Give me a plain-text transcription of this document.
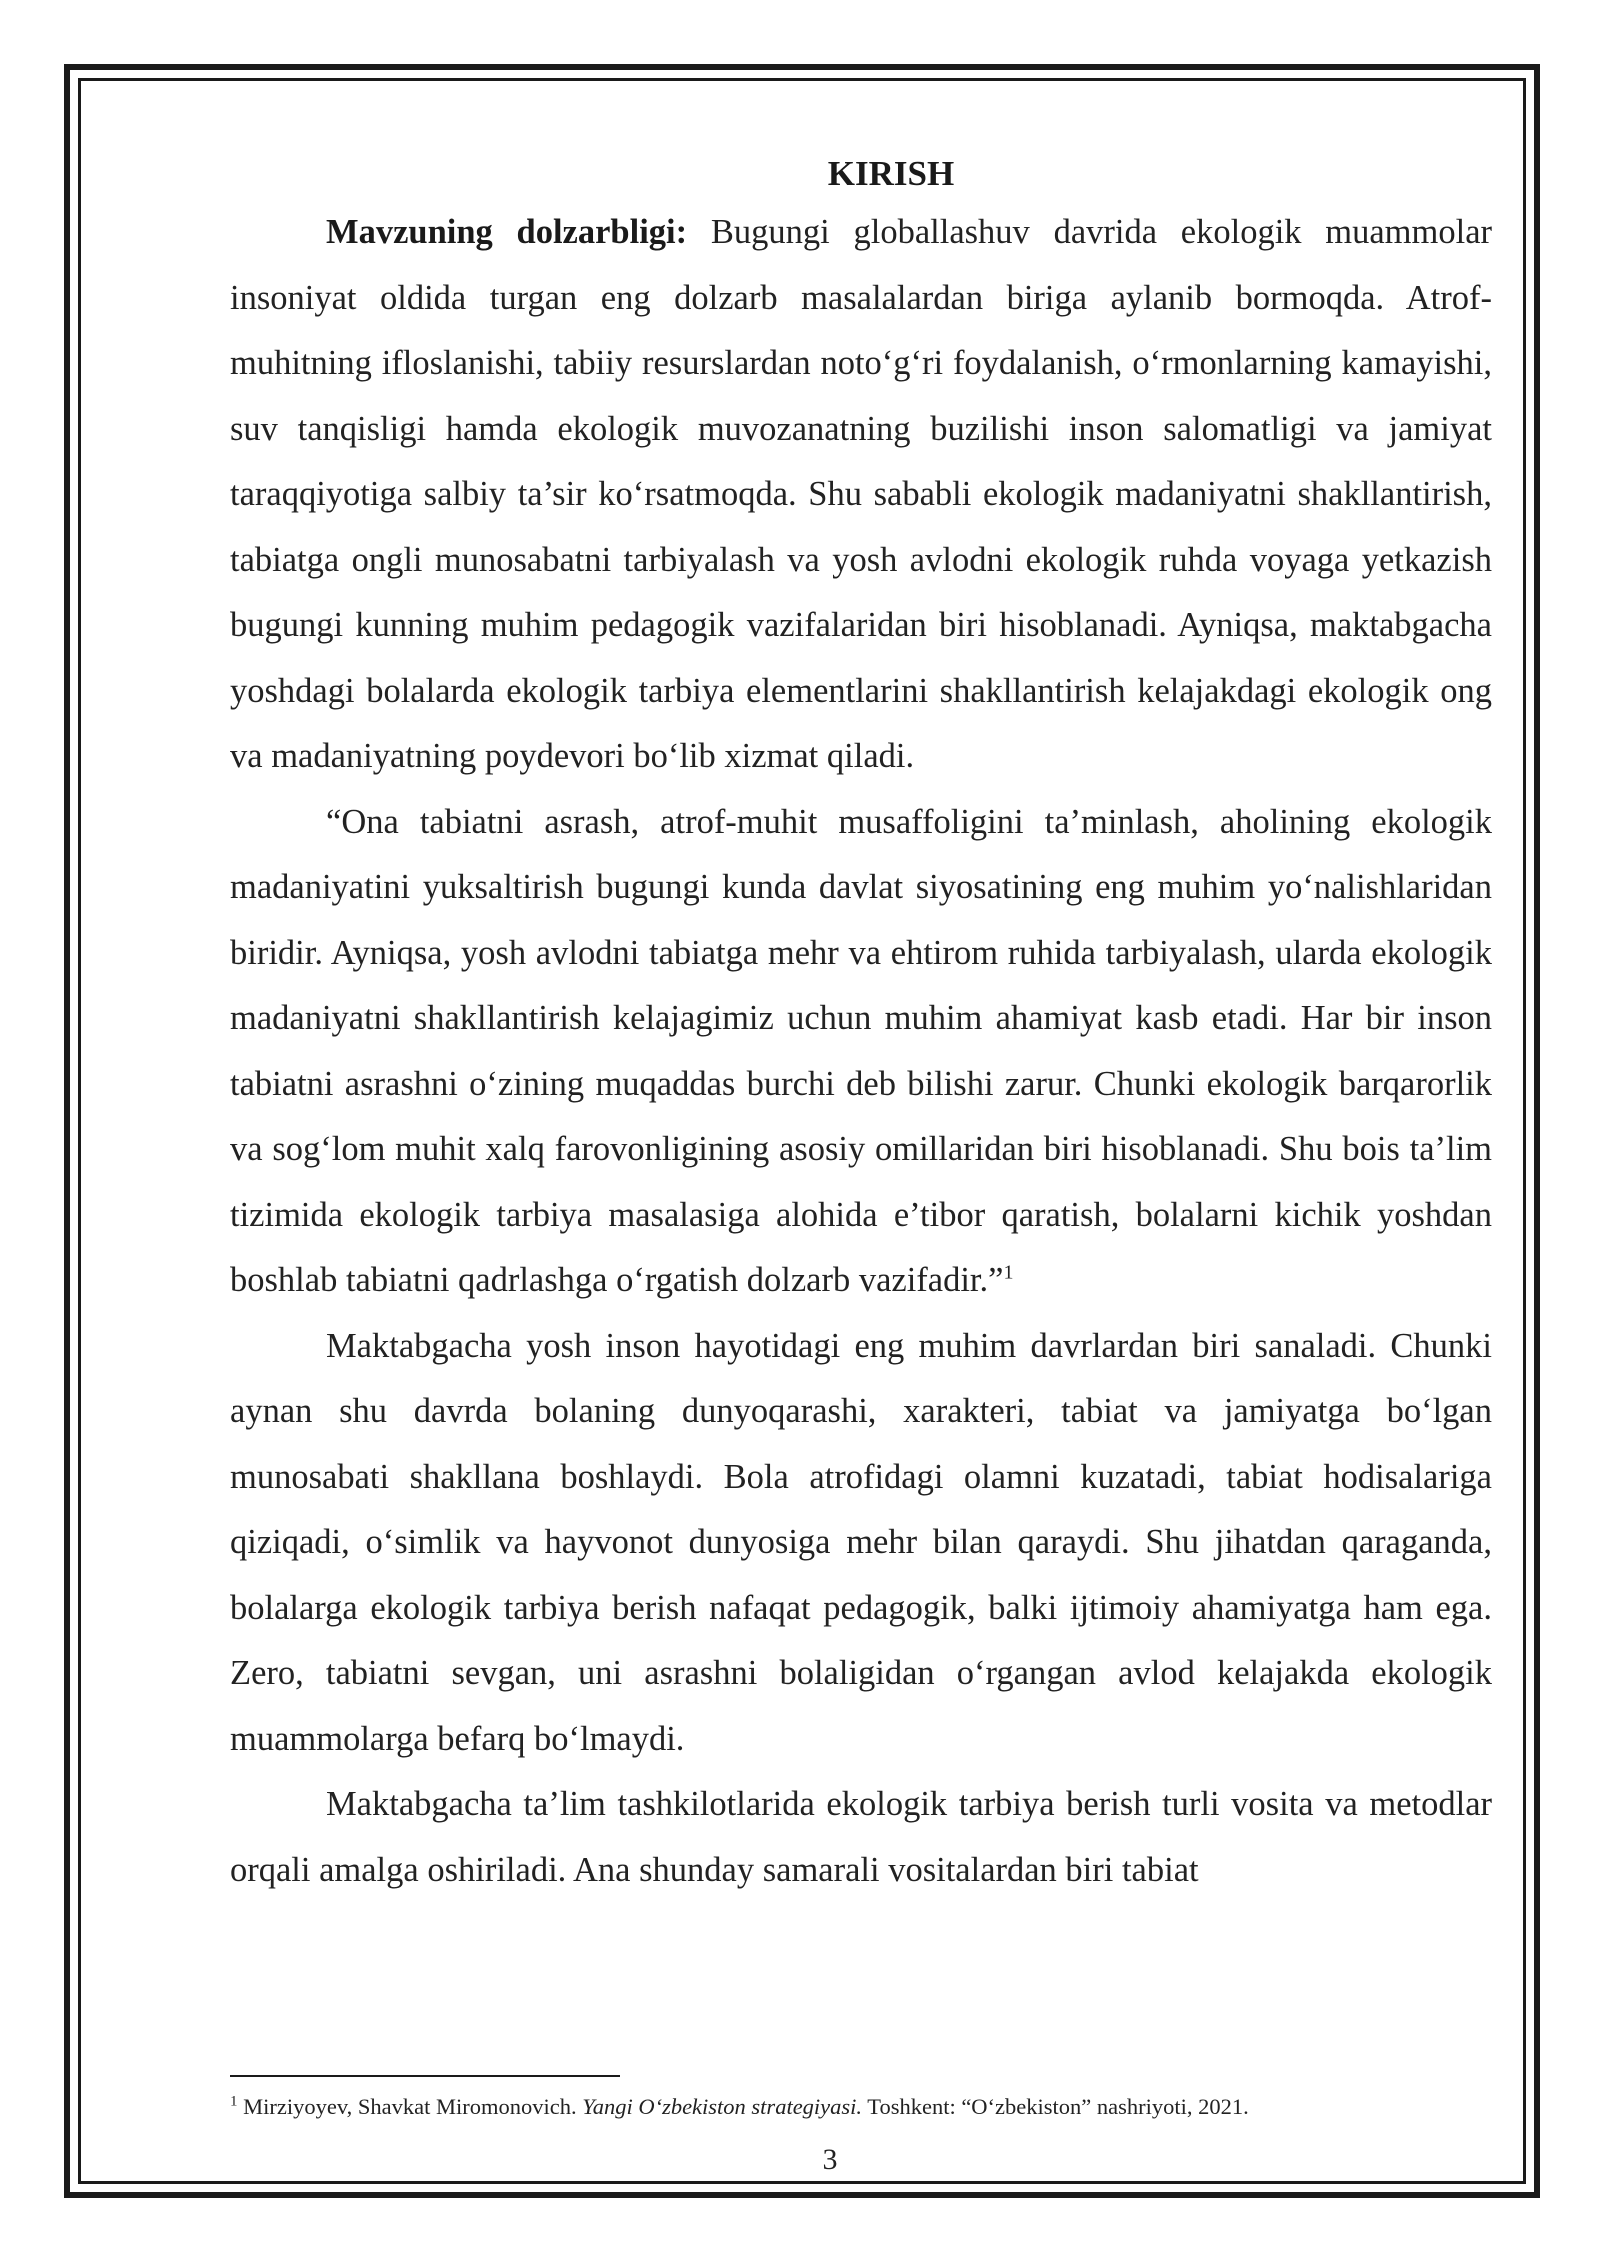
KIRISH

Mavzuning dolzarbligi: Bugungi globallashuv davrida ekologik muammolar insoniyat oldida turgan eng dolzarb masalalardan biriga aylanib bormoqda. Atrof-muhitning ifloslanishi, tabiiy resurslardan noto‘g‘ri foydalanish, o‘rmonlarning kamayishi, suv tanqisligi hamda ekologik muvozanatning buzilishi inson salomatligi va jamiyat taraqqiyotiga salbiy ta’sir ko‘rsatmoqda. Shu sababli ekologik madaniyatni shakllantirish, tabiatga ongli munosabatni tarbiyalash va yosh avlodni ekologik ruhda voyaga yetkazish bugungi kunning muhim pedagogik vazifalaridan biri hisoblanadi. Ayniqsa, maktabgacha yoshdagi bolalarda ekologik tarbiya elementlarini shakllantirish kelajakdagi ekologik ong va madaniyatning poydevori bo‘lib xizmat qiladi.

“Ona tabiatni asrash, atrof-muhit musaffoligini ta’minlash, aholining ekologik madaniyatini yuksaltirish bugungi kunda davlat siyosatining eng muhim yo‘nalishlaridan biridir. Ayniqsa, yosh avlodni tabiatga mehr va ehtirom ruhida tarbiyalash, ularda ekologik madaniyatni shakllantirish kelajagimiz uchun muhim ahamiyat kasb etadi. Har bir inson tabiatni asrashni o‘zining muqaddas burchi deb bilishi zarur. Chunki ekologik barqarorlik va sog‘lom muhit xalq farovonligining asosiy omillaridan biri hisoblanadi. Shu bois ta’lim tizimida ekologik tarbiya masalasiga alohida e’tibor qaratish, bolalarni kichik yoshdan boshlab tabiatni qadrlashga o‘rgatish dolzarb vazifadir.”$^1$

Maktabgacha yosh inson hayotidagi eng muhim davrlardan biri sanaladi. Chunki aynan shu davrda bolaning dunyoqarashi, xarakteri, tabiat va jamiyatga bo‘lgan munosabati shakllana boshlaydi. Bola atrofidagi olamni kuzatadi, tabiat hodisalariga qiziqadi, o‘simlik va hayvonot dunyosiga mehr bilan qaraydi. Shu jihatdan qaraganda, bolalarga ekologik tarbiya berish nafaqat pedagogik, balki ijtimoiy ahamiyatga ham ega. Zero, tabiatni sevgan, uni asrashni bolaligidan o‘rgangan avlod kelajakda ekologik muammolarga befarq bo‘lmaydi.

Maktabgacha ta’lim tashkilotlarida ekologik tarbiya berish turli vosita va metodlar orqali amalga oshiriladi. Ana shunday samarali vositalardan biri tabiat

$^1$ Mirziyoyev, Shavkat Miromonovich. Yangi O‘zbekiston strategiyasi. Toshkent: “O‘zbekiston” nashriyoti, 2021.

3
